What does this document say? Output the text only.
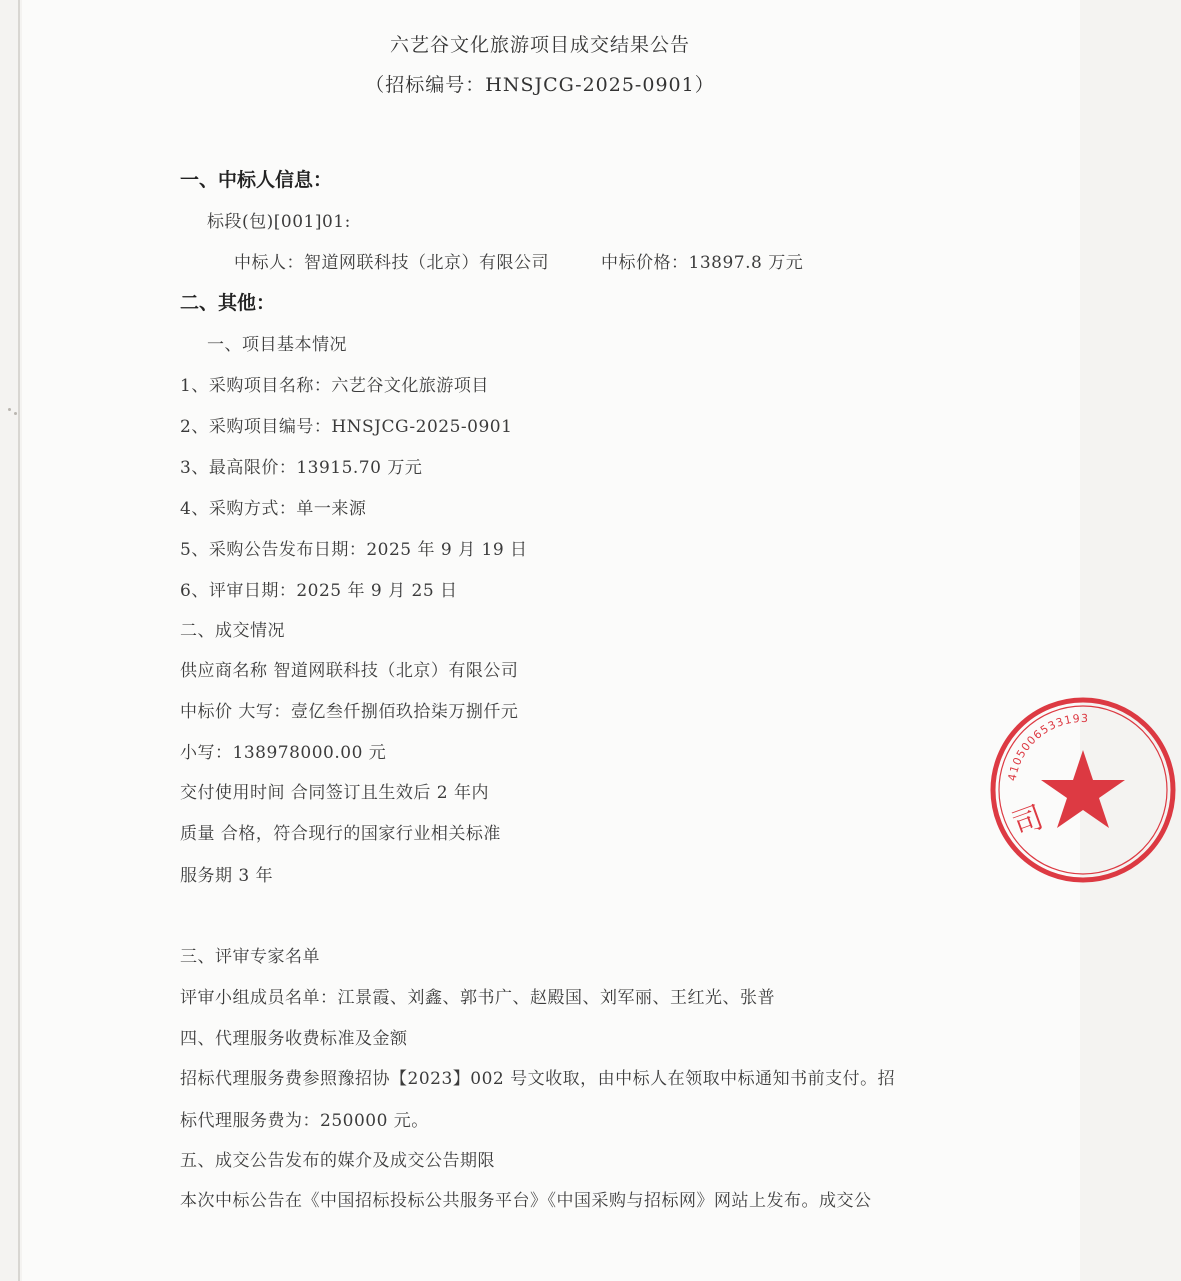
六艺谷文化旅游项目成交结果公告
（招标编号：HNSJCG-2025-0901）
一、中标人信息：
标段(包)[001]01:
中标人：智道网联科技（北京）有限公司	中标价格：13897.8 万元
二、其他：
一、项目基本情况
1、采购项目名称：六艺谷文化旅游项目
2、采购项目编号：HNSJCG-2025-0901
3、最高限价：13915.70 万元
4、采购方式：单一来源
5、采购公告发布日期：2025 年 9 月 19 日
6、评审日期：2025 年 9 月 25 日
二、成交情况
供应商名称 智道网联科技（北京）有限公司
中标价 大写：壹亿叁仟捌佰玖拾柒万捌仟元
小写：138978000.00 元
交付使用时间 合同签订且生效后 2 年内
质量 合格，符合现行的国家行业相关标准
服务期 3 年
三、评审专家名单
评审小组成员名单：江景霞、刘鑫、郭书广、赵殿国、刘军丽、王红光、张普
四、代理服务收费标准及金额
招标代理服务费参照豫招协【2023】002 号文收取，由中标人在领取中标通知书前支付。招
标代理服务费为：250000 元。
五、成交公告发布的媒介及成交公告期限
本次中标公告在《中国招标投标公共服务平台》《中国采购与招标网》网站上发布。成交公
4105006533193
司
